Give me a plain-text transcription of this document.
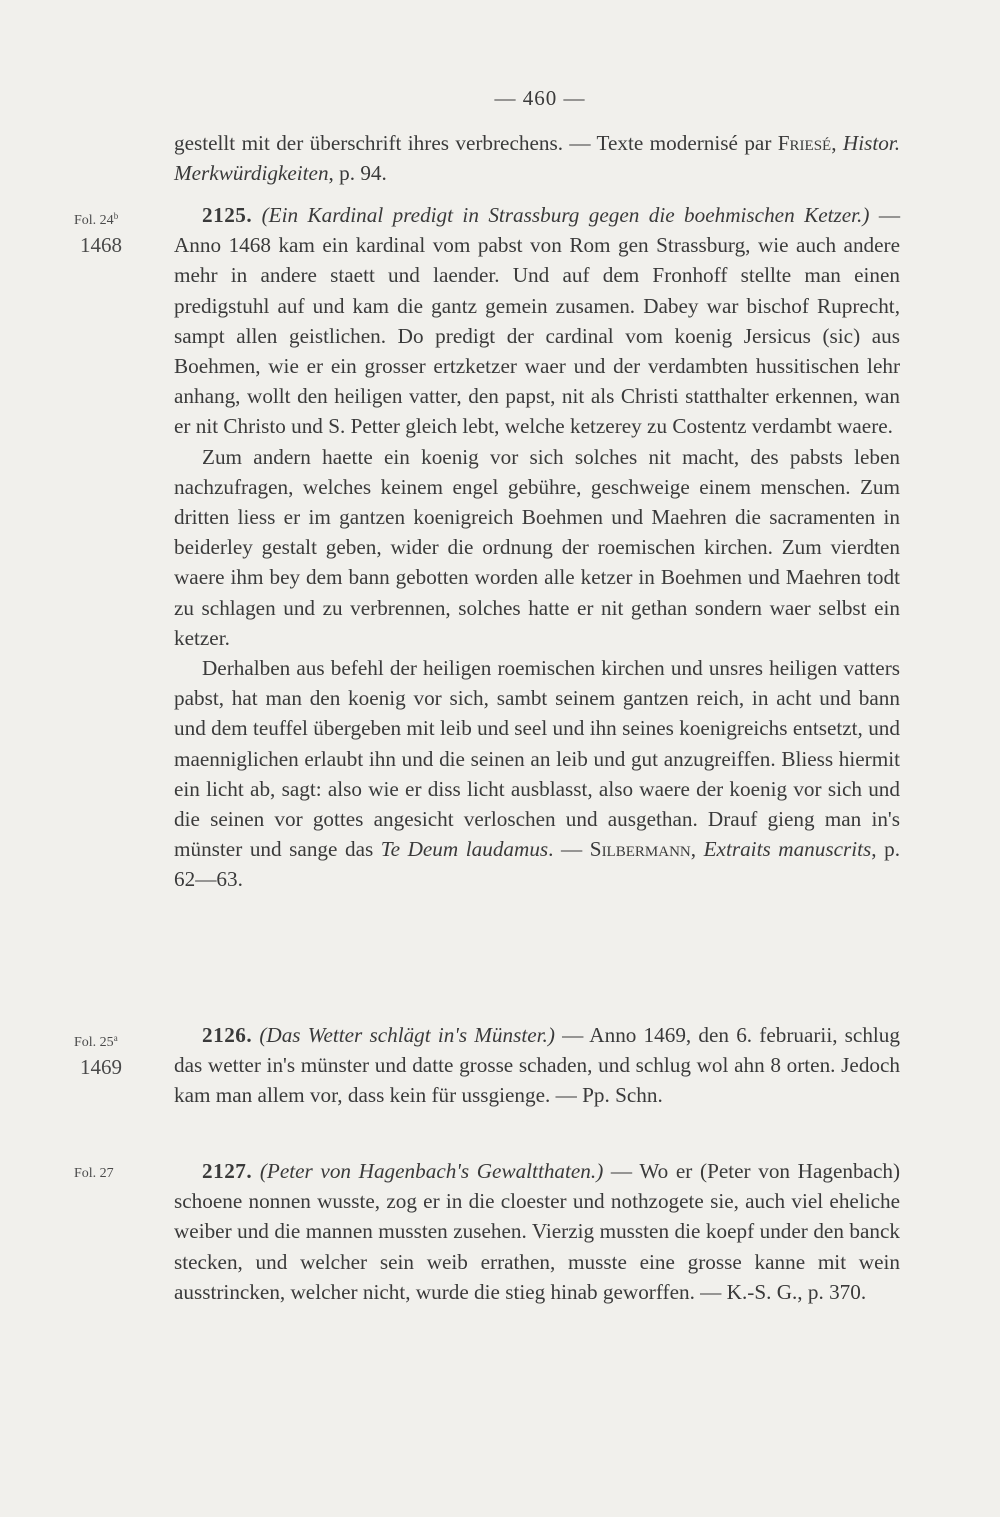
— 460 —

gestellt mit der überschrift ihres verbrechens. — Texte modernisé par Friesé, Histor. Merkwürdigkeiten, p. 94.

Fol. 24$^b$
1468

2125. (Ein Kardinal predigt in Strassburg gegen die boehmischen Ketzer.) — Anno 1468 kam ein kardinal vom pabst von Rom gen Strassburg, wie auch andere mehr in andere staett und laender. Und auf dem Fronhoff stellte man einen predigstuhl auf und kam die gantz gemein zusamen. Dabey war bischof Ruprecht, sampt allen geistlichen. Do predigt der cardinal vom koenig Jersicus (sic) aus Boehmen, wie er ein grosser ertzketzer waer und der verdambten hussitischen lehr anhang, wollt den heiligen vatter, den papst, nit als Christi statthalter erkennen, wan er nit Christo und S. Petter gleich lebt, welche ketzerey zu Costentz verdambt waere.

Zum andern haette ein koenig vor sich solches nit macht, des pabsts leben nachzufragen, welches keinem engel gebühre, geschweige einem menschen. Zum dritten liess er im gantzen koenigreich Boehmen und Maehren die sacramenten in beiderley gestalt geben, wider die ordnung der roemischen kirchen. Zum vierdten waere ihm bey dem bann gebotten worden alle ketzer in Boehmen und Maehren todt zu schlagen und zu verbrennen, solches hatte er nit gethan sondern waer selbst ein ketzer.

Derhalben aus befehl der heiligen roemischen kirchen und unsres heiligen vatters pabst, hat man den koenig vor sich, sambt seinem gantzen reich, in acht und bann und dem teuffel übergeben mit leib und seel und ihn seines koenigreichs entsetzt, und maenniglichen erlaubt ihn und die seinen an leib und gut anzugreiffen. Bliess hiermit ein licht ab, sagt: also wie er diss licht ausblasst, also waere der koenig vor sich und die seinen vor gottes angesicht verloschen und ausgethan. Drauf gieng man in's münster und sange das Te Deum laudamus. — Silbermann, Extraits manuscrits, p. 62—63.

Fol. 25$^a$
1469

2126. (Das Wetter schlägt in's Münster.) — Anno 1469, den 6. februarii, schlug das wetter in's münster und datte grosse schaden, und schlug wol ahn 8 orten. Jedoch kam man allem vor, dass kein für ussgienge. — Pp. Schn.

Fol. 27	2127. (Peter von Hagenbach's Gewaltthaten.) — Wo er (Peter von Hagenbach) schoene nonnen wusste, zog er in die cloester und nothzogete sie, auch viel eheliche weiber und die mannen mussten zusehen. Vierzig mussten die koepf under den banck stecken, und welcher sein weib errathen, musste eine grosse kanne mit wein ausstrincken, welcher nicht, wurde die stieg hinab geworffen. — K.-S. G., p. 370.
